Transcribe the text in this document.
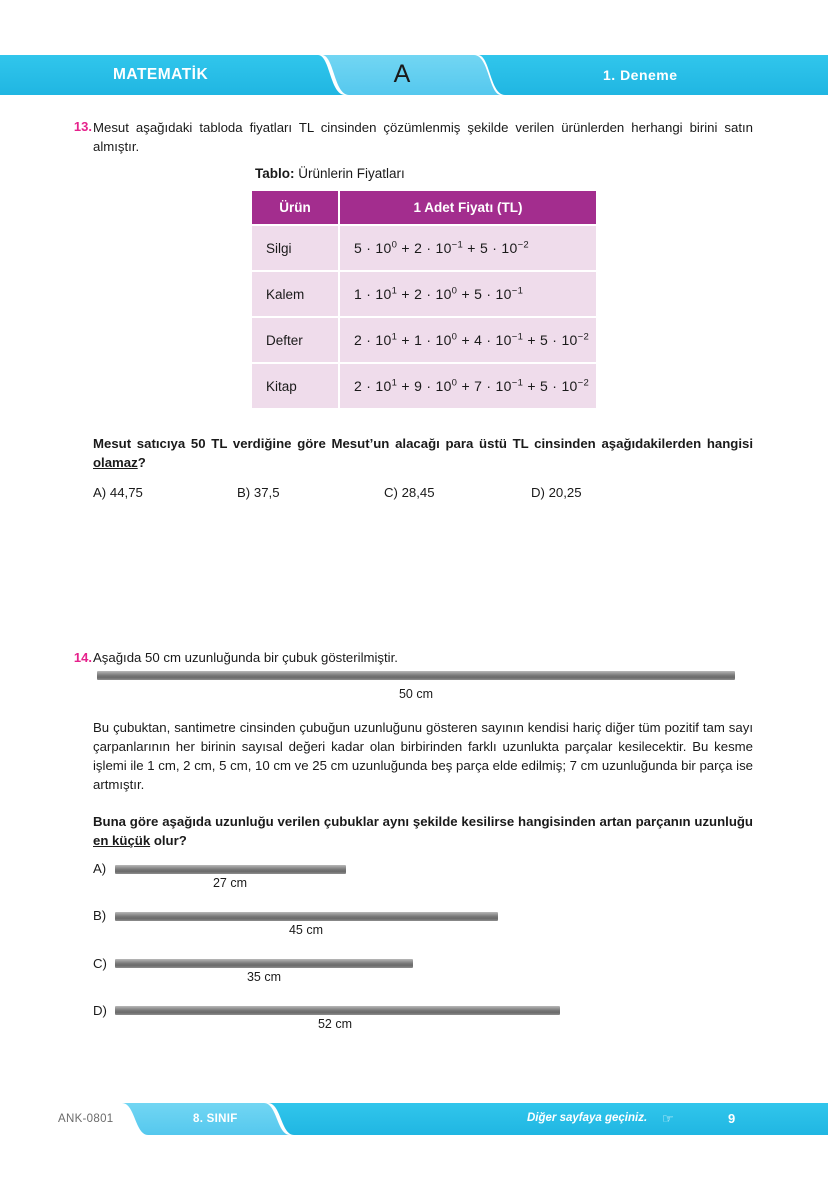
MATEMATİK	A	1. Deneme
13. Mesut aşağıdaki tabloda fiyatları TL cinsinden çözümlenmiş şekilde verilen ürünlerden herhangi birini satın almıştır.
Tablo: Ürünlerin Fiyatları
Ürün	1 Adet Fiyatı (TL)
Silgi	$5 \cdot 10^0 + 2 \cdot 10^{-1} + 5 \cdot 10^{-2}$
Kalem	$1 \cdot 10^1 + 2 \cdot 10^0 + 5 \cdot 10^{-1}$
Defter	$2 \cdot 10^1 + 1 \cdot 10^0 + 4 \cdot 10^{-1} + 5 \cdot 10^{-2}$
Kitap	$2 \cdot 10^1 + 9 \cdot 10^0 + 7 \cdot 10^{-1} + 5 \cdot 10^{-2}$
Mesut satıcıya 50 TL verdiğine göre Mesut’un alacağı para üstü TL cinsinden aşağıdakilerden hangisi olamaz?
A) 44,75	B) 37,5	C) 28,45	D) 20,25
14. Aşağıda 50 cm uzunluğunda bir çubuk gösterilmiştir.
50 cm
Bu çubuktan, santimetre cinsinden çubuğun uzunluğunu gösteren sayının kendisi hariç diğer tüm pozitif tam sayı çarpanlarının her birinin sayısal değeri kadar olan birbirinden farklı uzunlukta parçalar kesilecektir. Bu kesme işlemi ile 1 cm, 2 cm, 5 cm, 10 cm ve 25 cm uzunluğunda beş parça elde edilmiş; 7 cm uzunluğunda bir parça ise artmıştır.
Buna göre aşağıda uzunluğu verilen çubuklar aynı şekilde kesilirse hangisinden artan parçanın uzunluğu en küçük olur?
A)
27 cm
B)
45 cm
C)
35 cm
D)
52 cm
ANK-0801	8. SINIF	Diğer sayfaya geçiniz. ☞	9
